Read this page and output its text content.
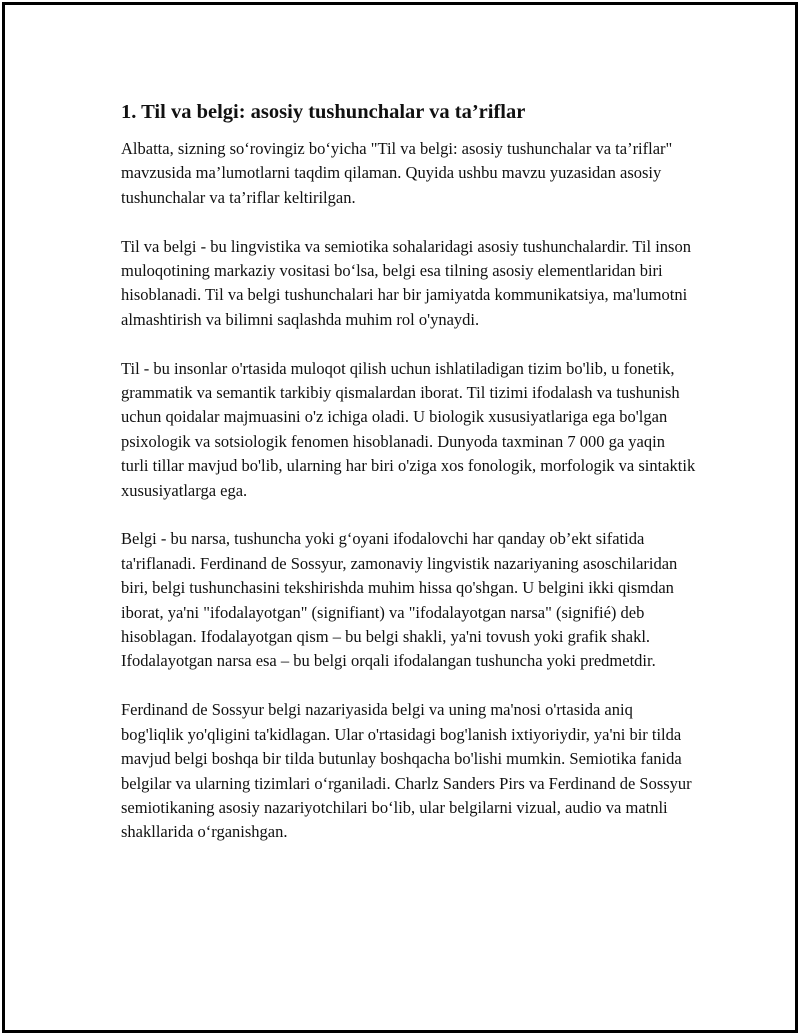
1. Til va belgi: asosiy tushunchalar va ta’riflar

Albatta, sizning so‘rovingiz bo‘yicha "Til va belgi: asosiy tushunchalar va ta’riflar" mavzusida ma’lumotlarni taqdim qilaman. Quyida ushbu mavzu yuzasidan asosiy tushunchalar va ta’riflar keltirilgan.

Til va belgi - bu lingvistika va semiotika sohalaridagi asosiy tushunchalardir. Til inson muloqotining markaziy vositasi bo‘lsa, belgi esa tilning asosiy elementlaridan biri hisoblanadi. Til va belgi tushunchalari har bir jamiyatda kommunikatsiya, ma'lumotni almashtirish va bilimni saqlashda muhim rol o'ynaydi.

Til - bu insonlar o'rtasida muloqot qilish uchun ishlatiladigan tizim bo'lib, u fonetik, grammatik va semantik tarkibiy qismalardan iborat. Til tizimi ifodalash va tushunish uchun qoidalar majmuasini o'z ichiga oladi. U biologik xususiyatlariga ega bo'lgan psixologik va sotsiologik fenomen hisoblanadi. Dunyoda taxminan 7 000 ga yaqin turli tillar mavjud bo'lib, ularning har biri o'ziga xos fonologik, morfologik va sintaktik xususiyatlarga ega.

Belgi - bu narsa, tushuncha yoki g‘oyani ifodalovchi har qanday ob’ekt sifatida ta'riflanadi. Ferdinand de Sossyur, zamonaviy lingvistik nazariyaning asoschilaridan biri, belgi tushunchasini tekshirishda muhim hissa qo'shgan. U belgini ikki qismdan iborat, ya'ni "ifodalayotgan" (signifiant) va "ifodalayotgan narsa" (signifié) deb hisoblagan. Ifodalayotgan qism – bu belgi shakli, ya'ni tovush yoki grafik shakl. Ifodalayotgan narsa esa – bu belgi orqali ifodalangan tushuncha yoki predmetdir.

Ferdinand de Sossyur belgi nazariyasida belgi va uning ma'nosi o'rtasida aniq bog'liqlik yo'qligini ta'kidlagan. Ular o'rtasidagi bog'lanish ixtiyoriydir, ya'ni bir tilda mavjud belgi boshqa bir tilda butunlay boshqacha bo'lishi mumkin. Semiotika fanida belgilar va ularning tizimlari o‘rganiladi. Charlz Sanders Pirs va Ferdinand de Sossyur semiotikaning asosiy nazariyotchilari bo‘lib, ular belgilarni vizual, audio va matnli shakllarida o‘rganishgan.
